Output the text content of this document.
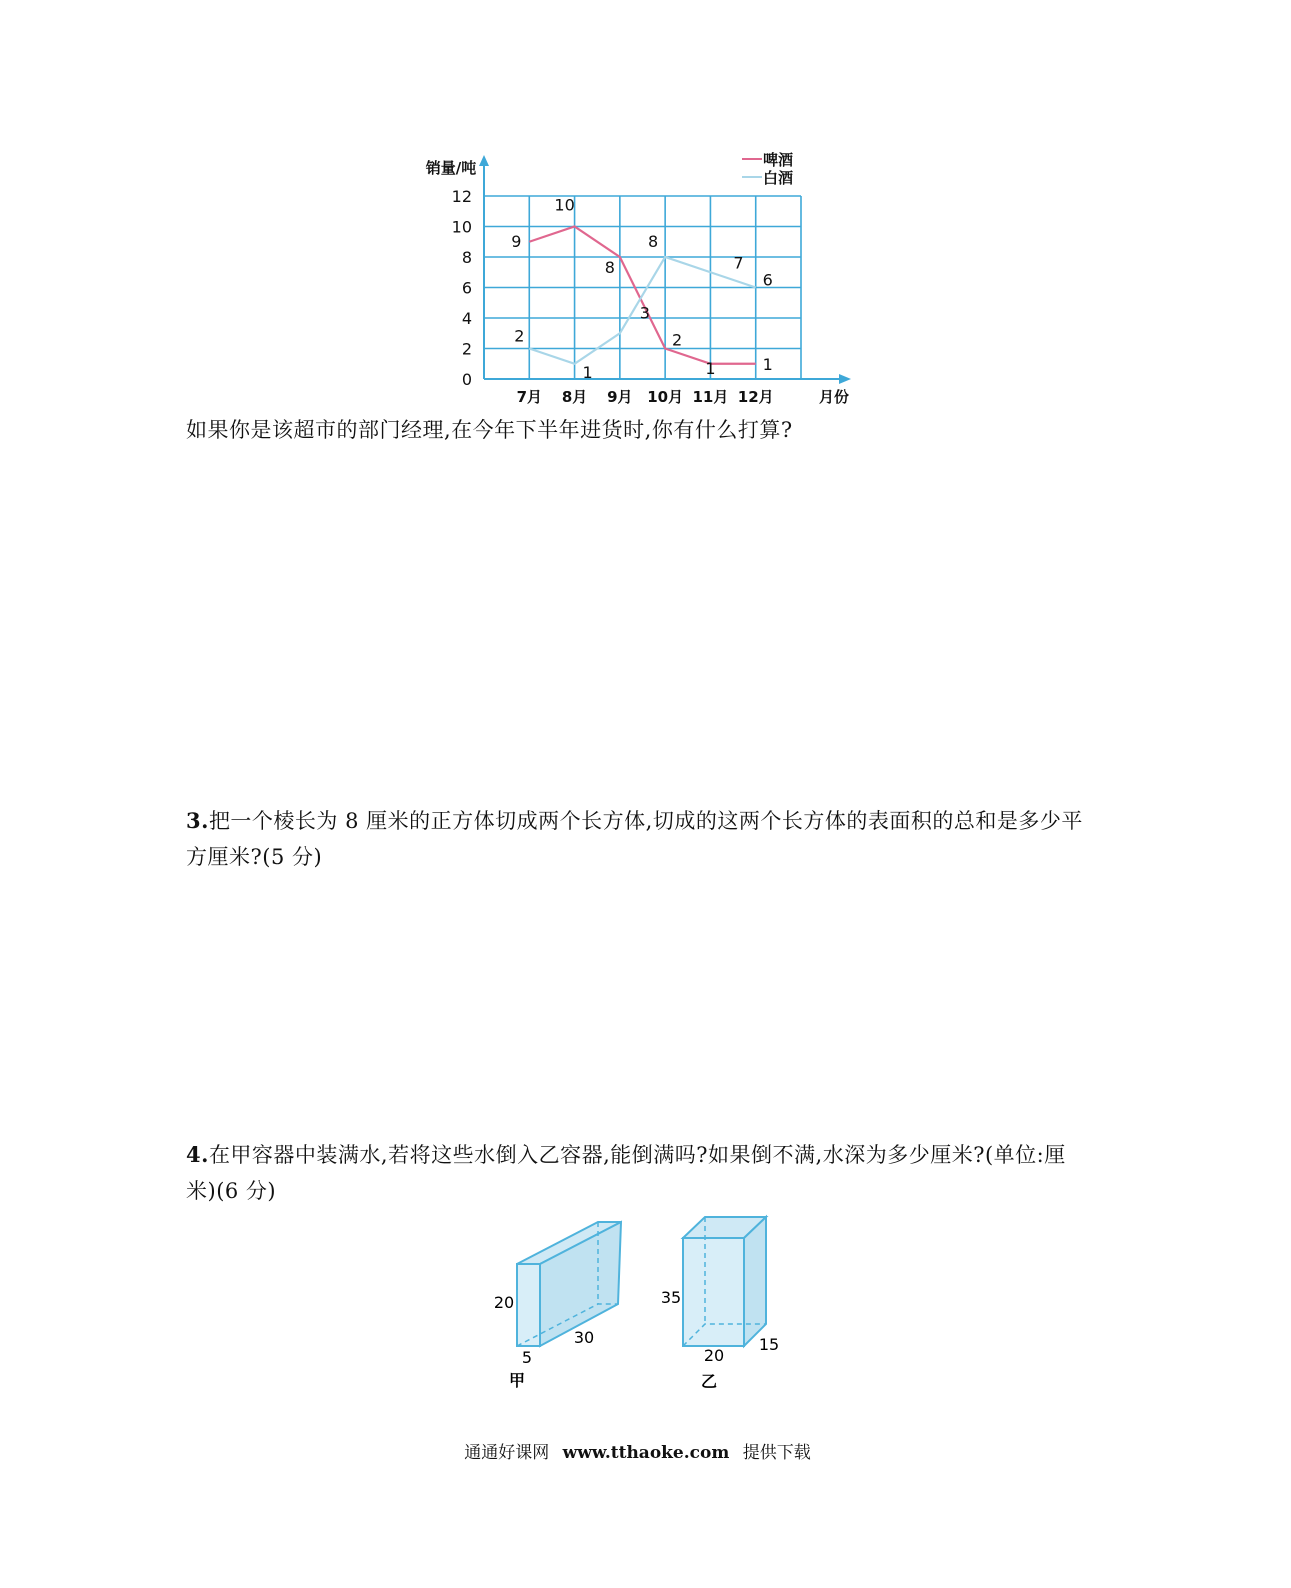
0
2
4
6
8
10
12
7月 8月 9月 10月 11月 12月
销量/吨
月份
9
10
8
2
1	1
2
1
3
8
7
6
啤酒
白酒
如果你是该超市的部门经理,在今年下半年进货时,你有什么打算?
3.把一个棱长为 8 厘米的正方体切成两个长方体,切成的这两个长方体的表面积的总和是多少平
方厘米?(5 分)
4.在甲容器中装满水,若将这些水倒入乙容器,能倒满吗?如果倒不满,水深为多少厘米?(单位:厘
米)(6 分)
20
5
30
甲
35
20
15
乙
通通好课网 www.tthaoke.com 提供下载
